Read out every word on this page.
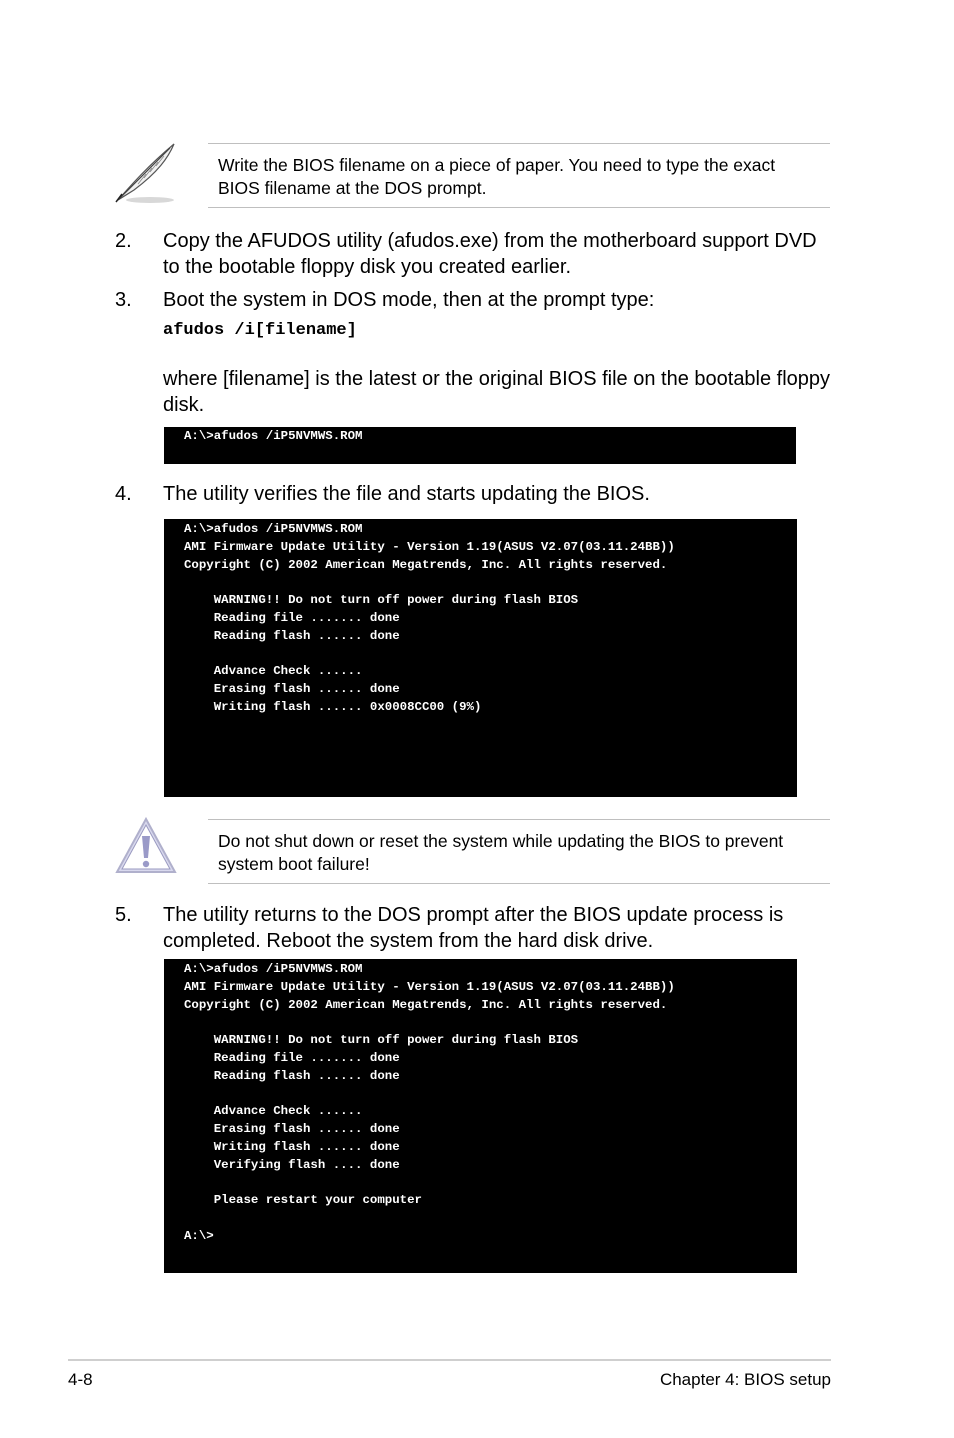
Write the BIOS filename on a piece of paper. You need to type the exact BIOS filename at the DOS prompt.
2. Copy the AFUDOS utility (afudos.exe) from the motherboard support DVD to the bootable floppy disk you created earlier.
3. Boot the system in DOS mode, then at the prompt type:
afudos /i[filename]
where [filename] is the latest or the original BIOS file on the bootable floppy disk.
A:\>afudos /iP5NVMWS.ROM
4. The utility verifies the file and starts updating the BIOS.
A:\>afudos /iP5NVMWS.ROM
AMI Firmware Update Utility - Version 1.19(ASUS V2.07(03.11.24BB))
Copyright (C) 2002 American Megatrends, Inc. All rights reserved.

WARNING!! Do not turn off power during flash BIOS
Reading file ....... done
Reading flash ...... done

Advance Check ......
Erasing flash ...... done
Writing flash ...... 0x0008CC00 (9%)
Do not shut down or reset the system while updating the BIOS to prevent system boot failure!
5. The utility returns to the DOS prompt after the BIOS update process is completed. Reboot the system from the hard disk drive.
A:\>afudos /iP5NVMWS.ROM
AMI Firmware Update Utility - Version 1.19(ASUS V2.07(03.11.24BB))
Copyright (C) 2002 American Megatrends, Inc. All rights reserved.

WARNING!! Do not turn off power during flash BIOS
Reading file ....... done
Reading flash ...... done

Advance Check ......
Erasing flash ...... done
Writing flash ...... done
Verifying flash .... done

Please restart your computer

A:\>
4-8	Chapter 4: BIOS setup
